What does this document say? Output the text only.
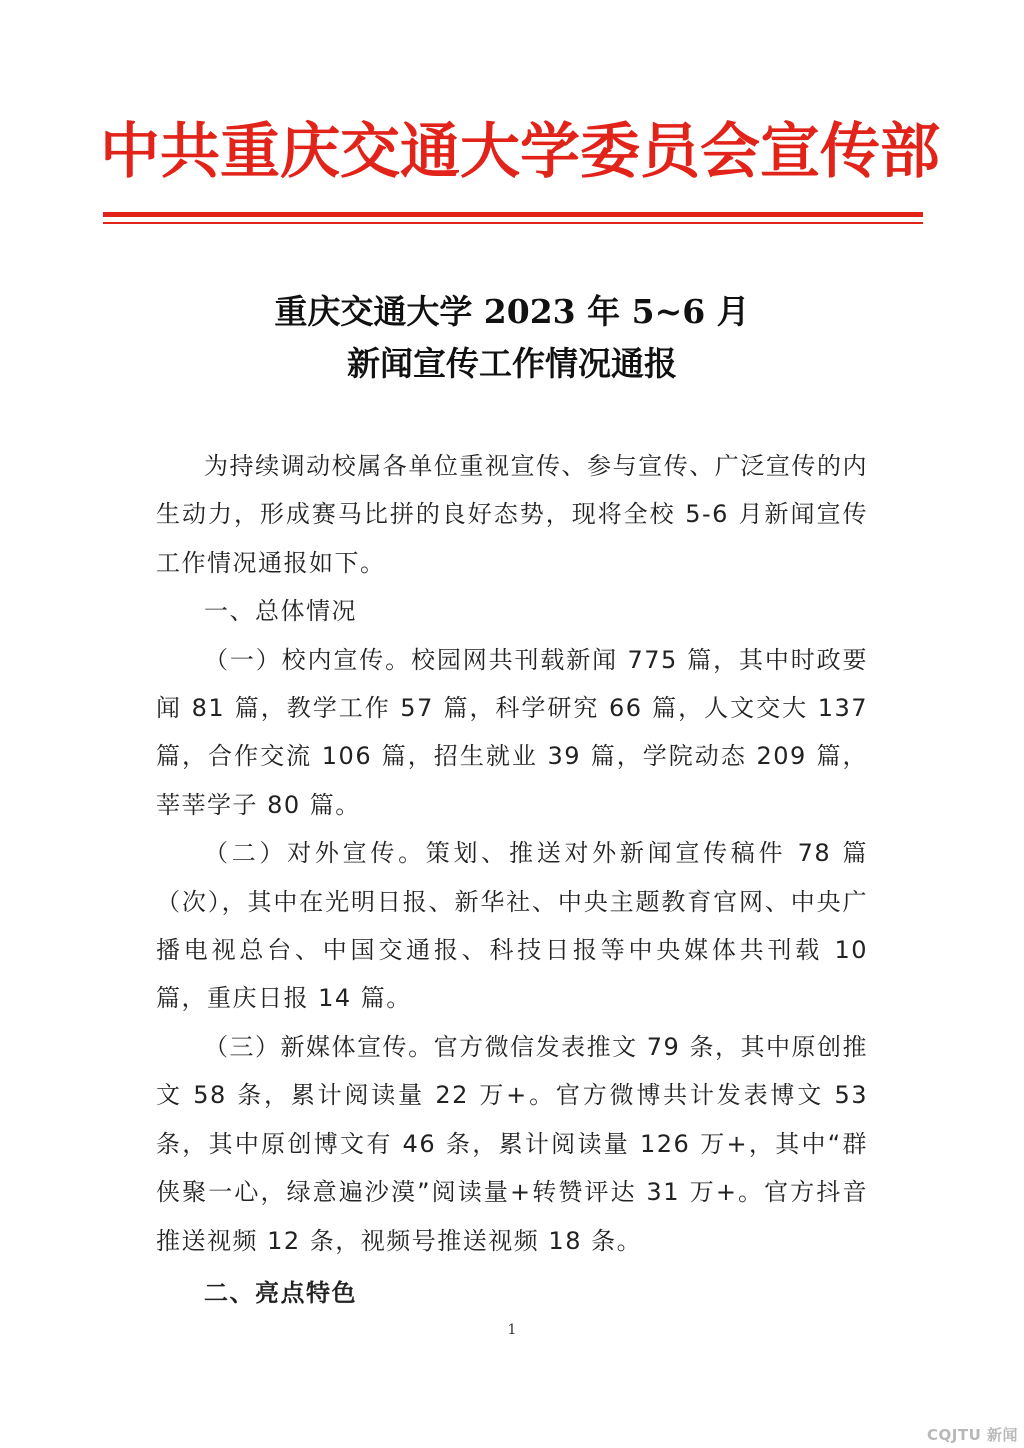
中共重庆交通大学委员会宣传部
重庆交通大学 2023 年 5~6 月
新闻宣传工作情况通报

为持续调动校属各单位重视宣传、参与宣传、广泛宣传的内生动力，形成赛马比拼的良好态势，现将全校 5-6 月新闻宣传工作情况通报如下。

一、总体情况

（一）校内宣传。校园网共刊载新闻 775 篇，其中时政要闻 81 篇，教学工作 57 篇，科学研究 66 篇，人文交大 137 篇，合作交流 106 篇，招生就业 39 篇，学院动态 209 篇，莘莘学子 80 篇。

（二）对外宣传。策划、推送对外新闻宣传稿件 78 篇（次），其中在光明日报、新华社、中央主题教育官网、中央广播电视总台、中国交通报、科技日报等中央媒体共刊载 10 篇，重庆日报 14 篇。

（三）新媒体宣传。官方微信发表推文 79 条，其中原创推文 58 条，累计阅读量 22 万+。官方微博共计发表博文 53 条，其中原创博文有 46 条，累计阅读量 126 万+，其中“群侠聚一心，绿意遍沙漠”阅读量+转赞评达 31 万+。官方抖音推送视频 12 条，视频号推送视频 18 条。

二、亮点特色

1
CQJTU 新闻
